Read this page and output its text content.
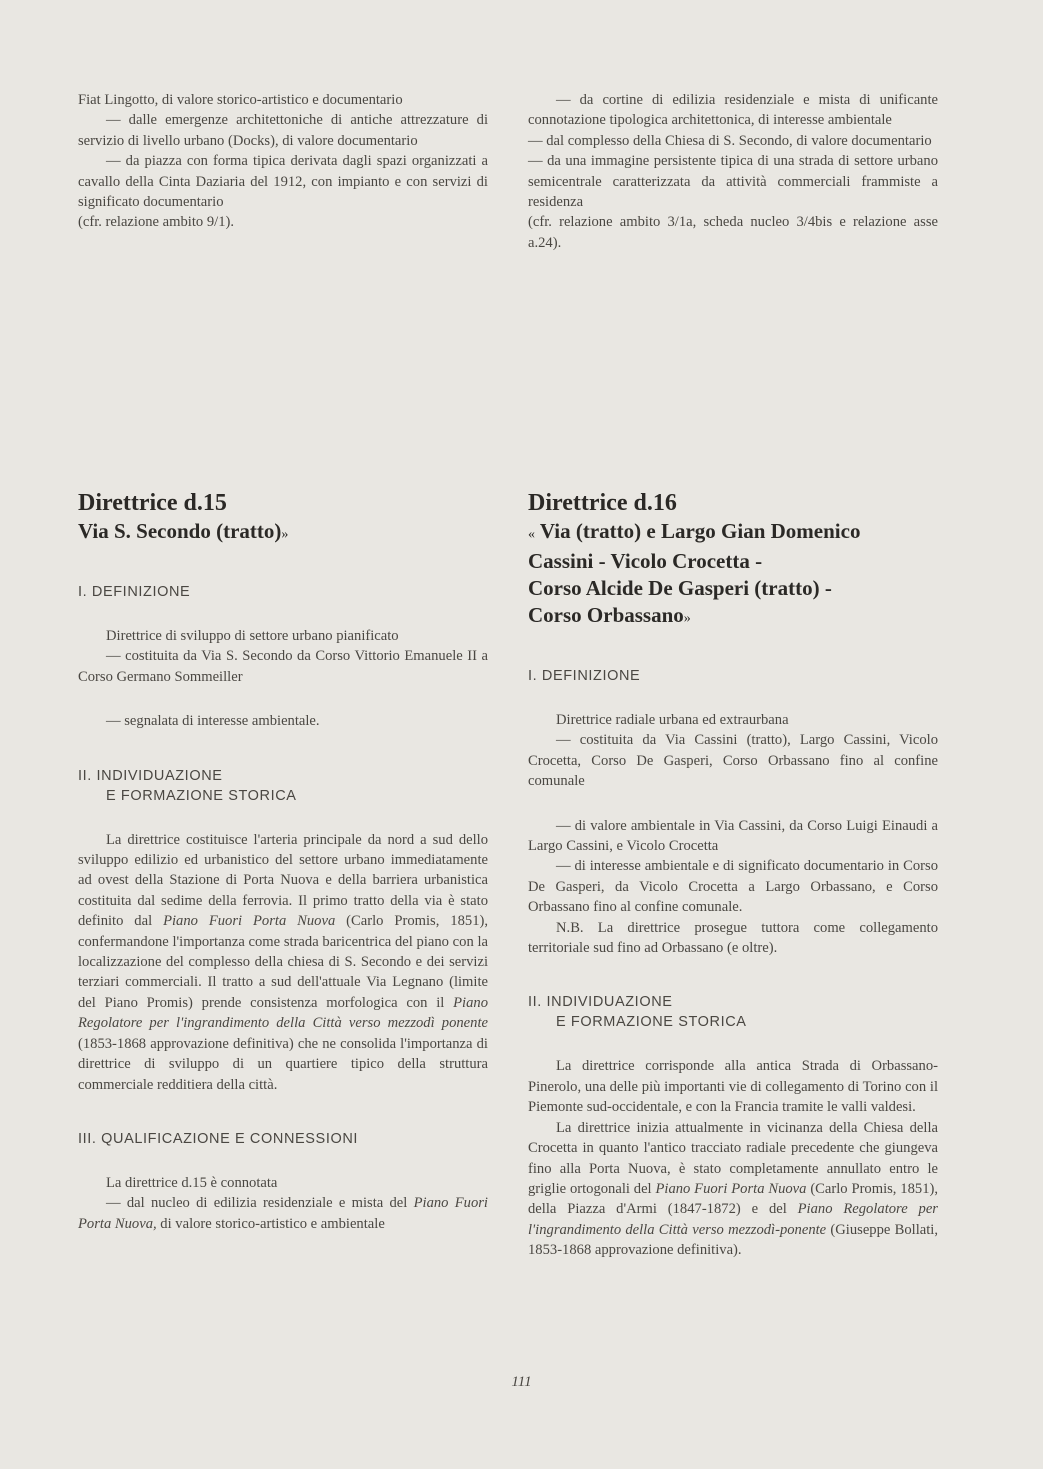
Fiat Lingotto, di valore storico-artistico e documentario

— dalle emergenze architettoniche di antiche attrezzature di servizio di livello urbano (Docks), di valore documentario

— da piazza con forma tipica derivata dagli spazi organizzati a cavallo della Cinta Daziaria del 1912, con impianto e con servizi di significato documentario

(cfr. relazione ambito 9/1).

— da cortine di edilizia residenziale e mista di unificante connotazione tipologica architettonica, di interesse ambientale

— dal complesso della Chiesa di S. Secondo, di valore documentario

— da una immagine persistente tipica di una strada di settore urbano semicentrale caratterizzata da attività commerciali frammiste a residenza

(cfr. relazione ambito 3/1a, scheda nucleo 3/4bis e relazione asse a.24).

Direttrice d.15
Via S. Secondo (tratto)»

I. DEFINIZIONE

Direttrice di sviluppo di settore urbano pianificato

— costituita da Via S. Secondo da Corso Vittorio Emanuele II a Corso Germano Sommeiller

— segnalata di interesse ambientale.

II. INDIVIDUAZIONE
E FORMAZIONE STORICA

La direttrice costituisce l'arteria principale da nord a sud dello sviluppo edilizio ed urbanistico del settore urbano immediatamente ad ovest della Stazione di Porta Nuova e della barriera urbanistica costituita dal sedime della ferrovia. Il primo tratto della via è stato definito dal Piano Fuori Porta Nuova (Carlo Promis, 1851), confermandone l'importanza come strada baricentrica del piano con la localizzazione del complesso della chiesa di S. Secondo e dei servizi terziari commerciali. Il tratto a sud dell'attuale Via Legnano (limite del Piano Promis) prende consistenza morfologica con il Piano Regolatore per l'ingrandimento della Città verso mezzodì ponente (1853-1868 approvazione definitiva) che ne consolida l'importanza di direttrice di sviluppo di un quartiere tipico della struttura commerciale redditiera della città.

III. QUALIFICAZIONE E CONNESSIONI

La direttrice d.15 è connotata

— dal nucleo di edilizia residenziale e mista del Piano Fuori Porta Nuova, di valore storico-artistico e ambientale

Direttrice d.16
« Via (tratto) e Largo Gian Domenico
Cassini - Vicolo Crocetta -
Corso Alcide De Gasperi (tratto) -
Corso Orbassano»

I. DEFINIZIONE

Direttrice radiale urbana ed extraurbana

— costituita da Via Cassini (tratto), Largo Cassini, Vicolo Crocetta, Corso De Gasperi, Corso Orbassano fino al confine comunale

— di valore ambientale in Via Cassini, da Corso Luigi Einaudi a Largo Cassini, e Vicolo Crocetta

— di interesse ambientale e di significato documentario in Corso De Gasperi, da Vicolo Crocetta a Largo Orbassano, e Corso Orbassano fino al confine comunale.

N.B. La direttrice prosegue tuttora come collegamento territoriale sud fino ad Orbassano (e oltre).

II. INDIVIDUAZIONE
E FORMAZIONE STORICA

La direttrice corrisponde alla antica Strada di Orbassano-Pinerolo, una delle più importanti vie di collegamento di Torino con il Piemonte sud-occidentale, e con la Francia tramite le valli valdesi.

La direttrice inizia attualmente in vicinanza della Chiesa della Crocetta in quanto l'antico tracciato radiale precedente che giungeva fino alla Porta Nuova, è stato completamente annullato entro le griglie ortogonali del Piano Fuori Porta Nuova (Carlo Promis, 1851), della Piazza d'Armi (1847-1872) e del Piano Regolatore per l'ingrandimento della Città verso mezzodì-ponente (Giuseppe Bollati, 1853-1868 approvazione definitiva).

111
